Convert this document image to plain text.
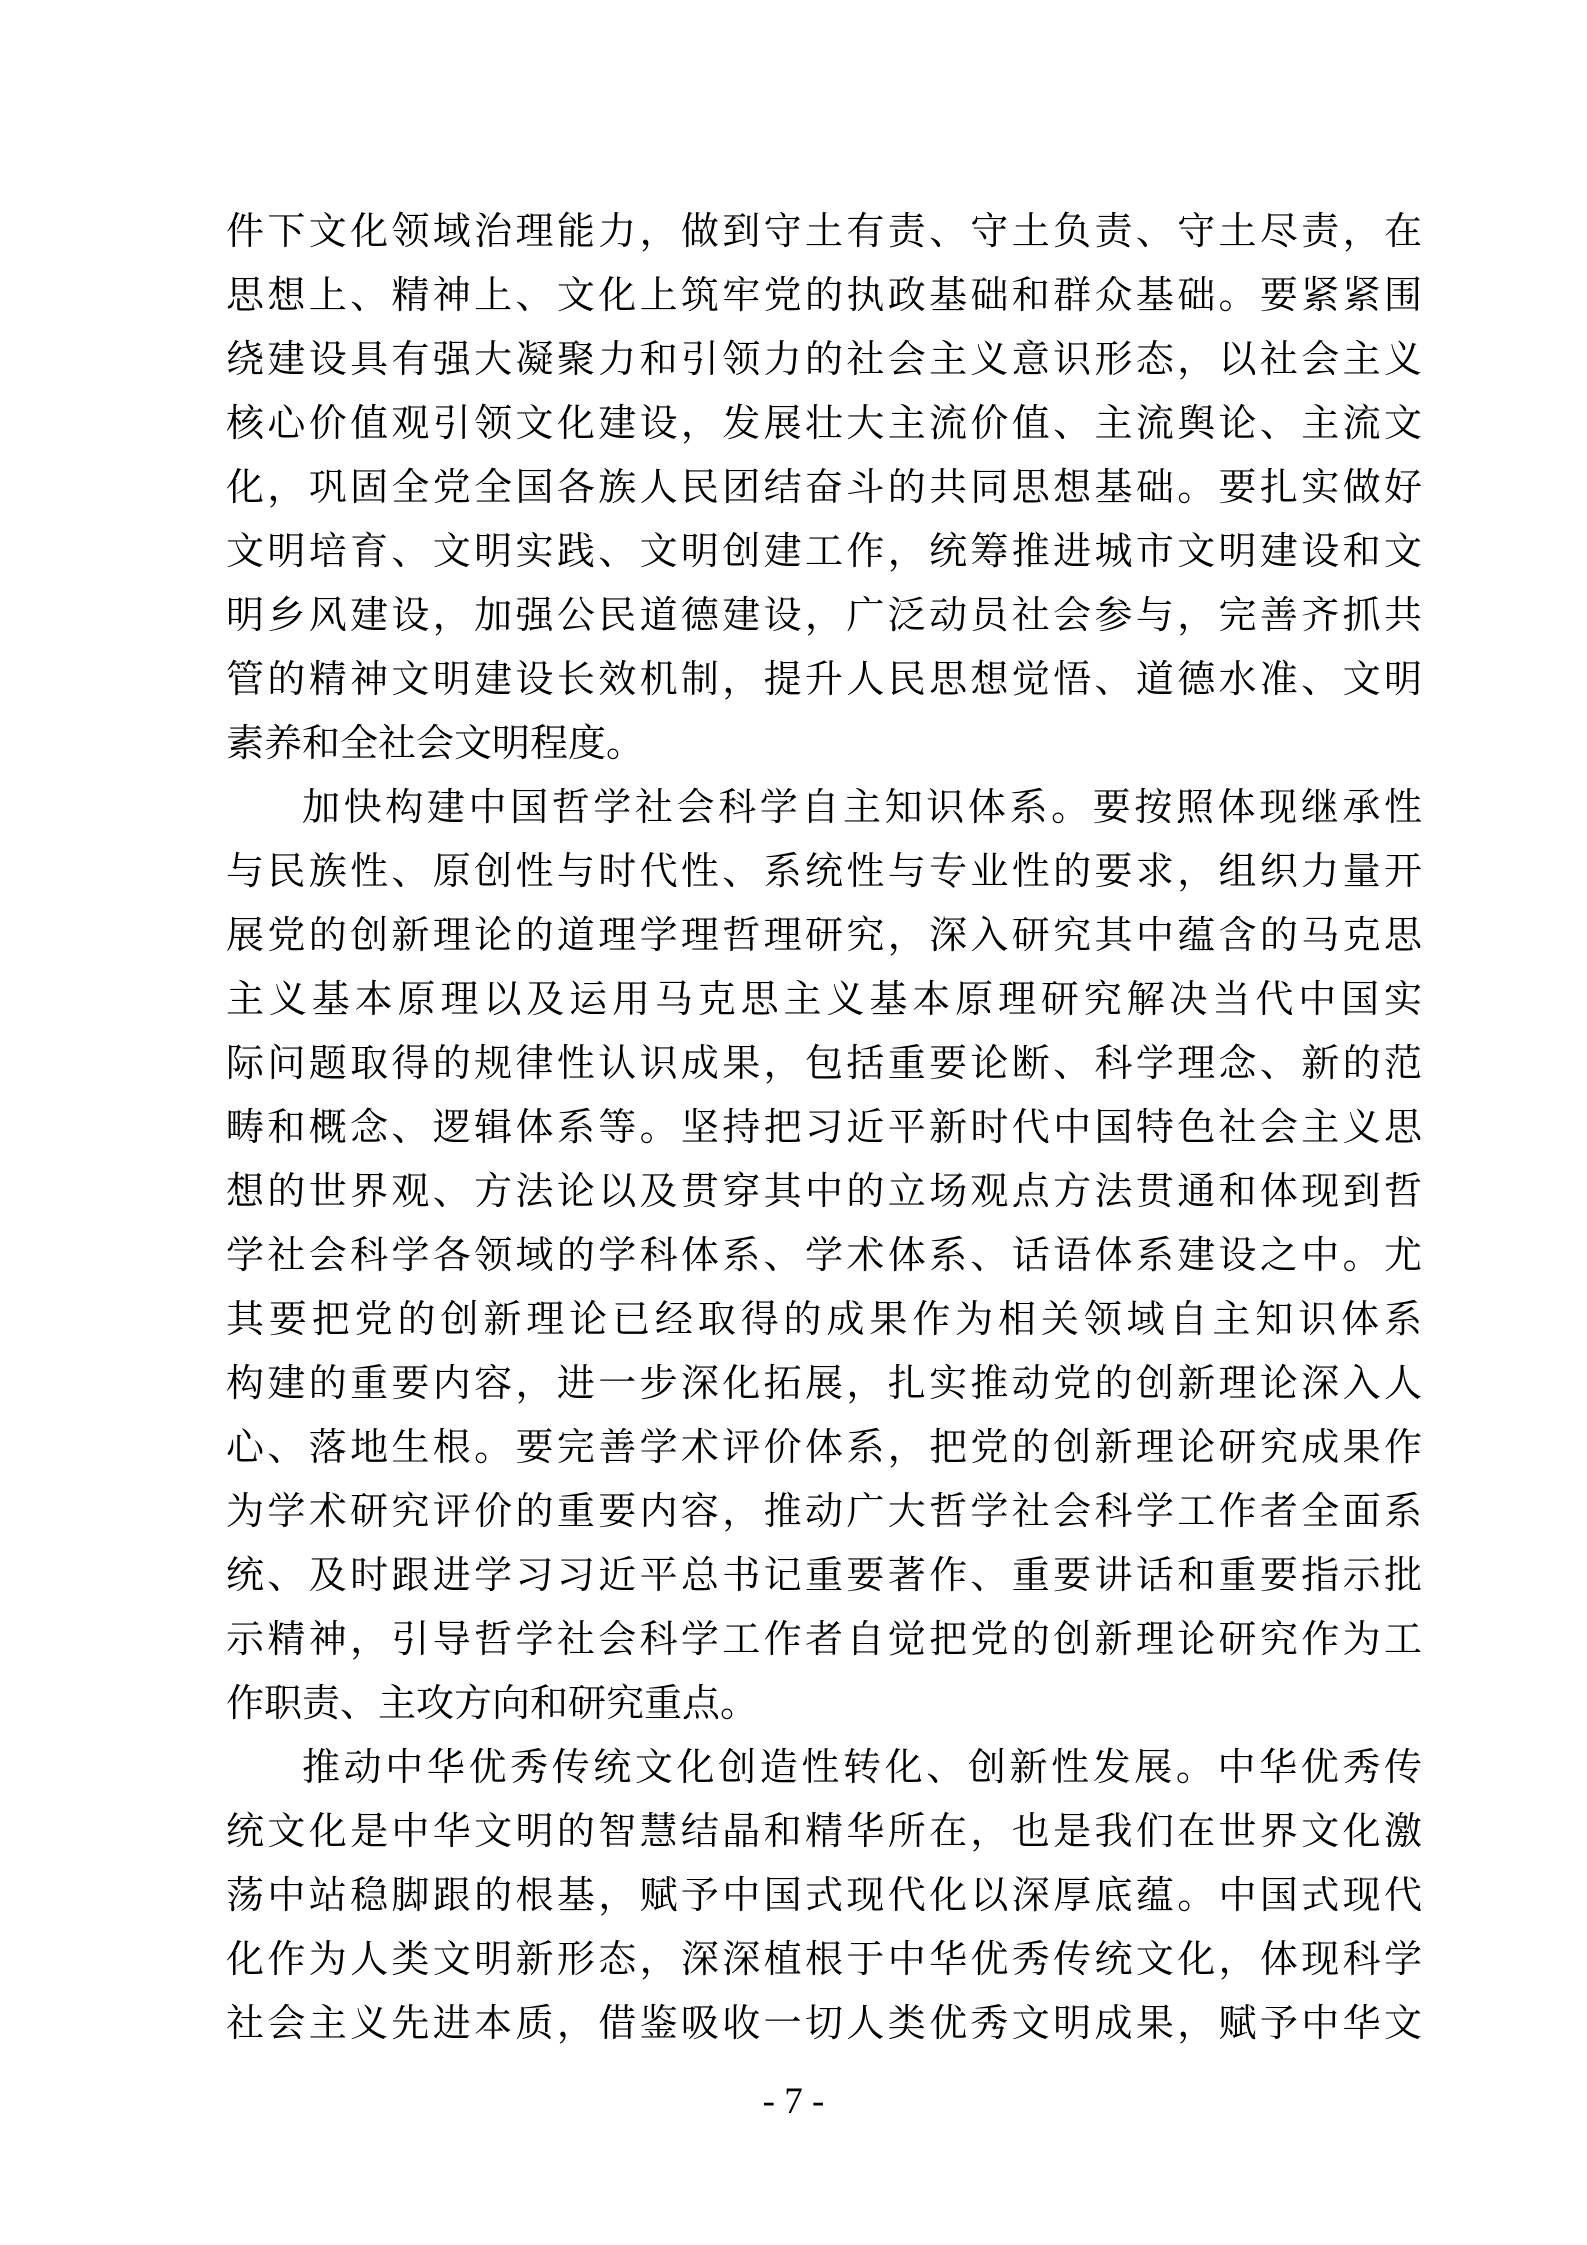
件下文化领域治理能力，做到守土有责、守土负责、守土尽责，在
思想上、精神上、文化上筑牢党的执政基础和群众基础。要紧紧围
绕建设具有强大凝聚力和引领力的社会主义意识形态，以社会主义
核心价值观引领文化建设，发展壮大主流价值、主流舆论、主流文
化，巩固全党全国各族人民团结奋斗的共同思想基础。要扎实做好
文明培育、文明实践、文明创建工作，统筹推进城市文明建设和文
明乡风建设，加强公民道德建设，广泛动员社会参与，完善齐抓共
管的精神文明建设长效机制，提升人民思想觉悟、道德水准、文明
素养和全社会文明程度。
加快构建中国哲学社会科学自主知识体系。要按照体现继承性
与民族性、原创性与时代性、系统性与专业性的要求，组织力量开
展党的创新理论的道理学理哲理研究，深入研究其中蕴含的马克思
主义基本原理以及运用马克思主义基本原理研究解决当代中国实
际问题取得的规律性认识成果，包括重要论断、科学理念、新的范
畴和概念、逻辑体系等。坚持把习近平新时代中国特色社会主义思
想的世界观、方法论以及贯穿其中的立场观点方法贯通和体现到哲
学社会科学各领域的学科体系、学术体系、话语体系建设之中。尤
其要把党的创新理论已经取得的成果作为相关领域自主知识体系
构建的重要内容，进一步深化拓展，扎实推动党的创新理论深入人
心、落地生根。要完善学术评价体系，把党的创新理论研究成果作
为学术研究评价的重要内容，推动广大哲学社会科学工作者全面系
统、及时跟进学习习近平总书记重要著作、重要讲话和重要指示批
示精神，引导哲学社会科学工作者自觉把党的创新理论研究作为工
作职责、主攻方向和研究重点。
推动中华优秀传统文化创造性转化、创新性发展。中华优秀传
统文化是中华文明的智慧结晶和精华所在，也是我们在世界文化激
荡中站稳脚跟的根基，赋予中国式现代化以深厚底蕴。中国式现代
化作为人类文明新形态，深深植根于中华优秀传统文化，体现科学
社会主义先进本质，借鉴吸收一切人类优秀文明成果，赋予中华文
- 7 -
